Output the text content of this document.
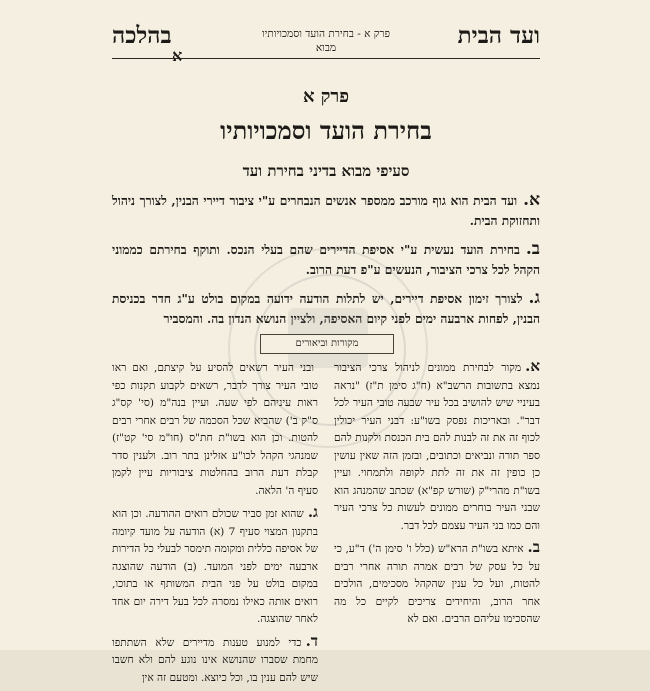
ועד הבית
פרק א - בחירת הועד וסמכויותיו
מבוא
בהלכה
א
פרק א
בחירת הועד וסמכויותיו
סעיפי מבוא בדיני בחירת ועד

א.ועד הבית הוא גוף מורכב ממספר אנשים הנבחרים ע"י ציבור דיירי הבנין, לצורך ניהול ותחזוקת הבית.

ב.בחירת הועד נעשית ע"י אסיפת הדיירים שהם בעלי הנכס. ותוקף בחירתם כממוני הקהל לכל צרכי הציבור, הנעשים ע"פ דעת הרוב.

ג.לצורך זימון אסיפת דיירים, יש לתלות הודעה ידועה במקום בולט ע"ג חדר בכניסת הבנין, לפחות ארבעה ימים לפני קיום האסיפה, ולציין הנושא הנדון בה. והמסביר

מקורות וביאורים

א.מקור לבחירת ממונים לניהול צרכי הציבור נמצא בתשובות הרשב"א (ח"ג סימן ת"ז) "נראה בעיניי שיש להושיב בכל עיר שבעה טובי העיר לכל דבר". ובאריכות נפסק בשו"ע: דבני העיר יכולין לכוף זה את זה לבנות להם בית הכנסת ולקנות להם ספר תורה ונביאים וכתובים, ובזמן הזה שאין עושין כן כופין זה את זה לתת לקופה ולתמחוי. ועיין בשו"ת מהרי"ק (שורש קפ"א) שכתב שהמנהג הוא שבני העיר בוחרים ממונים לעשות כל צרכי העיר והם כמו בני העיר עצמם לכל דבר.

ב.איתא בשו"ת הרא"ש (כלל ו' סימן ה') ד"ע, כי על כל עסק של רבים אמרה תורה אחרי רבים להטות, ועל כל ענין שהקהל מסכימים, הולכים אחר הרוב, והיחידים צריכים לקיים כל מה שהסכימו עליהם הרבים. ואם לא

ובני העיר רשאים להסיע על קיצתם, ואם ראו טובי העיר צורך לדבר, רשאים לקבוע תקנות כפי ראות עיניהם לפי שעה. ועיין בנה"מ (סי' קס"ג ס"ק ב') שהביא שכל הסכמה של רבים אחרי רבים להטות. וכן הוא בשו"ת חת"ס (חו"מ סי' קט"ז) שמנהגי הקהל לכו"ע אזלינן בתר רוב. ולענין סדר קבלת דעת הרוב בהחלטות ציבוריות עיין לקמן סעיף ה' הלאה.

ג.שהוא זמן סביר שכולם רואים ההודעה. וכן הוא בתקנון המצוי סעיף 7 (א) הודעה על מועד קיומה של אסיפה כללית ומקומה תימסר לבעלי כל הדירות ארבעה ימים לפני המועד. (ב) הודעה שהוצגה במקום בולט על פני הבית המשותף או בתוכו, רואים אותה כאילו נמסרה לכל בעל דירה יום אחד לאחר שהוצגה.

ד.כדי למנוע טענות מדיירים שלא השתתפו מחמת שסברו שהנושא אינו נוגע להם ולא חשבו שיש להם ענין בו, וכל כיוצא. ומטעם זה אין
